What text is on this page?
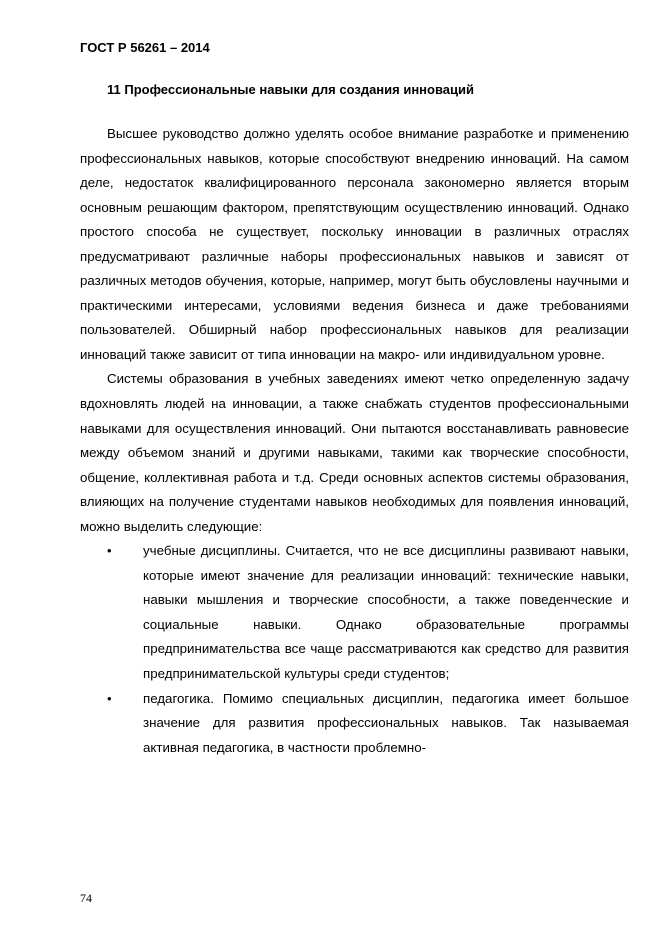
ГОСТ Р 56261 – 2014
11 Профессиональные навыки для создания инноваций

Высшее руководство должно уделять особое внимание разработке и применению профессиональных навыков, которые способствуют внедрению инноваций. На самом деле, недостаток квалифицированного персонала закономерно является вторым основным решающим фактором, препятствующим осуществлению инноваций. Однако простого способа не существует, поскольку инновации в различных отраслях предусматривают различные наборы профессиональных навыков и зависят от различных методов обучения, которые, например, могут быть обусловлены научными и практическими интересами, условиями ведения бизнеса и даже требованиями пользователей. Обширный набор профессиональных навыков для реализации инноваций также зависит от типа инновации на макро- или индивидуальном уровне.

Системы образования в учебных заведениях имеют четко определенную задачу вдохновлять людей на инновации, а также снабжать студентов профессиональными навыками для осуществления инноваций. Они пытаются восстанавливать равновесие между объемом знаний и другими навыками, такими как творческие способности, общение, коллективная работа и т.д. Среди основных аспектов системы образования, влияющих на получение студентами навыков необходимых для появления инноваций, можно выделить следующие:

• учебные дисциплины. Считается, что не все дисциплины развивают навыки, которые имеют значение для реализации инноваций: технические навыки, навыки мышления и творческие способности, а также поведенческие и социальные навыки. Однако образовательные программы предпринимательства все чаще рассматриваются как средство для развития предпринимательской культуры среди студентов;
• педагогика. Помимо специальных дисциплин, педагогика имеет большое значение для развития профессиональных навыков. Так называемая активная педагогика, в частности проблемно-
74
